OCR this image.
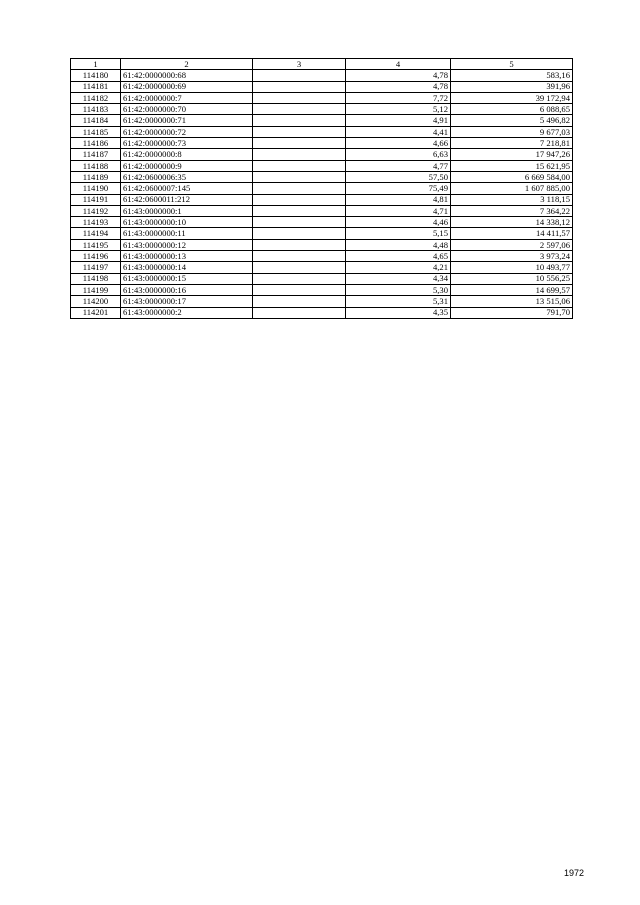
1	2	3	4	5
114180	61:42:0000000:68		4,78	583,16
114181	61:42:0000000:69		4,78	391,96
114182	61:42:0000000:7		7,72	39 172,94
114183	61:42:0000000:70		5,12	6 088,65
114184	61:42:0000000:71		4,91	5 496,82
114185	61:42:0000000:72		4,41	9 677,03
114186	61:42:0000000:73		4,66	7 218,81
114187	61:42:0000000:8		6,63	17 947,26
114188	61:42:0000000:9		4,77	15 621,95
114189	61:42:0600006:35		57,50	6 669 584,00
114190	61:42:0600007:145		75,49	1 607 885,00
114191	61:42:0600011:212		4,81	3 118,15
114192	61:43:0000000:1		4,71	7 364,22
114193	61:43:0000000:10		4,46	14 338,12
114194	61:43:0000000:11		5,15	14 411,57
114195	61:43:0000000:12		4,48	2 597,06
114196	61:43:0000000:13		4,65	3 973,24
114197	61:43:0000000:14		4,21	10 493,77
114198	61:43:0000000:15		4,34	10 556,25
114199	61:43:0000000:16		5,30	14 699,57
114200	61:43:0000000:17		5,31	13 515,06
114201	61:43:0000000:2		4,35	791,70
1972
